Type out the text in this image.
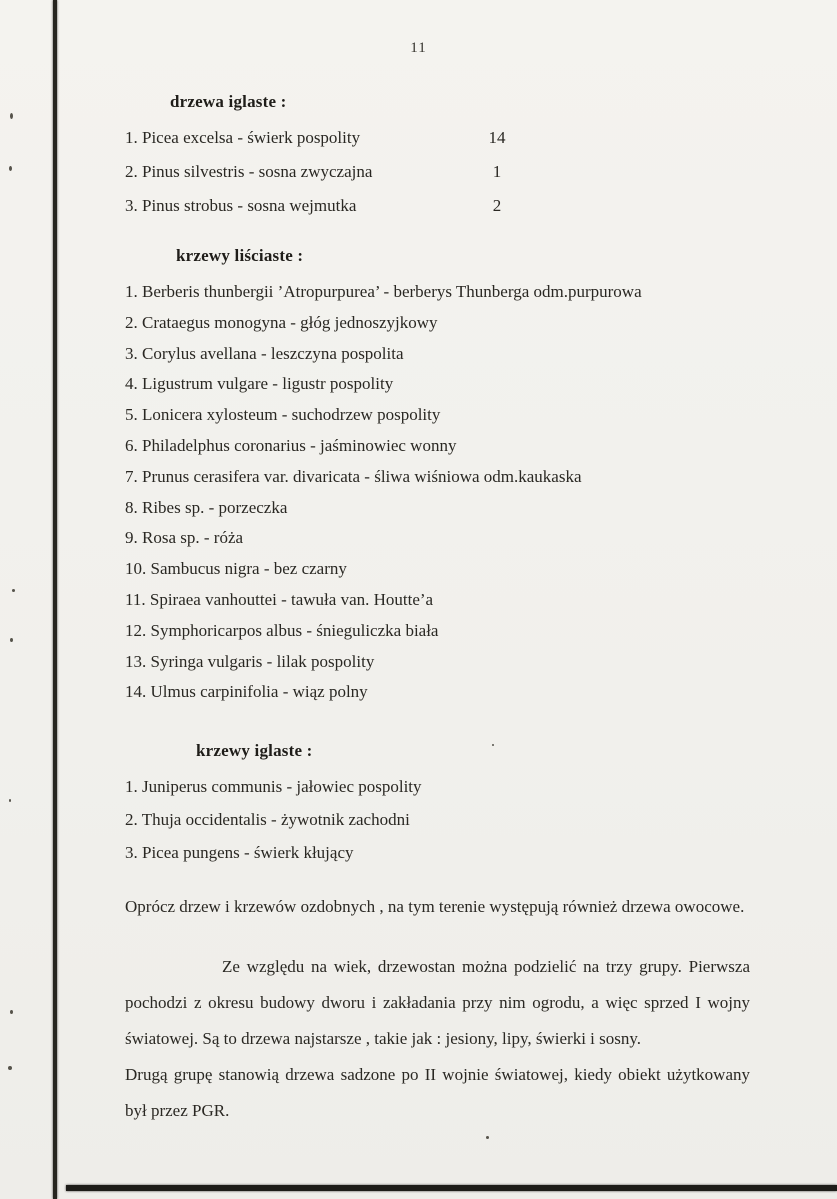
11
drzewa iglaste :
1. Picea excelsa - świerk pospolity	14
2. Pinus silvestris - sosna zwyczajna	1
3. Pinus strobus - sosna wejmutka	2
krzewy liściaste :
1. Berberis thunbergii ’Atropurpurea’ - berberys Thunberga odm.purpurowa
2. Crataegus monogyna - głóg jednoszyjkowy
3. Corylus avellana - leszczyna pospolita
4. Ligustrum vulgare - ligustr pospolity
5. Lonicera xylosteum - suchodrzew pospolity
6. Philadelphus coronarius - jaśminowiec wonny
7. Prunus cerasifera var. divaricata - śliwa wiśniowa odm.kaukaska
8. Ribes sp. - porzeczka
9. Rosa sp. - róża
10. Sambucus nigra - bez czarny
11. Spiraea vanhouttei - tawuła van. Houtte’a
12. Symphoricarpos albus - śnieguliczka biała
13. Syringa vulgaris - lilak pospolity
14. Ulmus carpinifolia - wiąz polny
krzewy iglaste :
1. Juniperus communis - jałowiec pospolity
2. Thuja occidentalis - żywotnik zachodni
3. Picea pungens - świerk kłujący

Oprócz drzew i krzewów ozdobnych , na tym terenie występują również drzewa owocowe.

Ze względu na wiek, drzewostan można podzielić na trzy grupy. Pierwsza pochodzi z okresu budowy dworu i zakładania przy nim ogrodu, a więc sprzed I wojny światowej. Są to drzewa najstarsze , takie jak : jesiony, lipy, świerki i sosny.

Drugą grupę stanowią drzewa sadzone po II wojnie światowej, kiedy obiekt użytkowany był przez PGR.
